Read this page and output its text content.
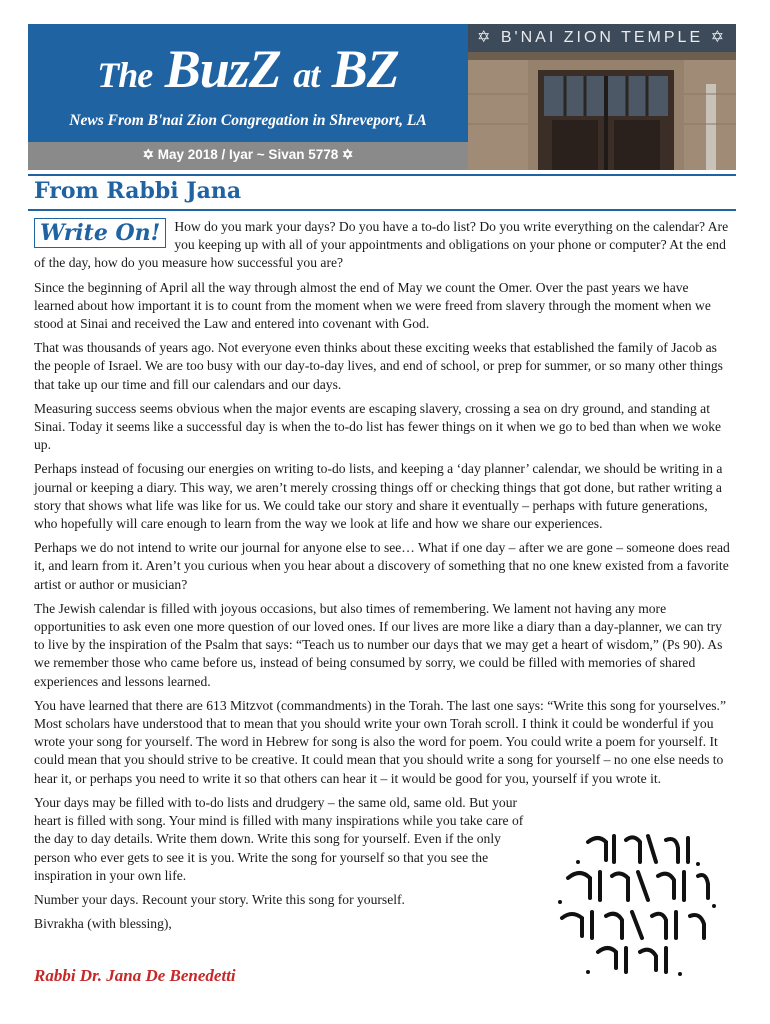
The BuzZ at BZ
News From B'nai Zion Congregation in Shreveport, LA
✡ May 2018 / Iyar ~ Sivan 5778 ✡
✡ B'NAI ZION TEMPLE ✡
From Rabbi Jana

Write On!	How do you mark your days? Do you have a to-do list? Do you write everything on the calendar? Are you keeping up with all of your appointments and obligations on your phone or computer? At the end of the day, how do you measure how successful you are?

Since the beginning of April all the way through almost the end of May we count the Omer. Over the past years we have learned about how important it is to count from the moment when we were freed from slavery through the moment when we stood at Sinai and received the Law and entered into covenant with God.

That was thousands of years ago. Not everyone even thinks about these exciting weeks that established the family of Jacob as the people of Israel. We are too busy with our day-to-day lives, and end of school, or prep for summer, or so many other things that take up our time and fill our calendars and our days.

Measuring success seems obvious when the major events are escaping slavery, crossing a sea on dry ground, and standing at Sinai. Today it seems like a successful day is when the to-do list has fewer things on it when we go to bed than when we woke up.

Perhaps instead of focusing our energies on writing to-do lists, and keeping a ‘day planner’ calendar, we should be writing in a journal or keeping a diary. This way, we aren’t merely crossing things off or checking things that got done, but rather writing a story that shows what life was like for us. We could take our story and share it eventually – perhaps with future generations, who hopefully will care enough to learn from the way we look at life and how we share our experiences.

Perhaps we do not intend to write our journal for anyone else to see… What if one day – after we are gone – someone does read it, and learn from it. Aren’t you curious when you hear about a discovery of something that no one knew existed from a favorite artist or author or musician?

The Jewish calendar is filled with joyous occasions, but also times of remembering. We lament not having any more opportunities to ask even one more question of our loved ones. If our lives are more like a diary than a day-planner, we can try to live by the inspiration of the Psalm that says: “Teach us to number our days that we may get a heart of wisdom,” (Ps 90). As we remember those who came before us, instead of being consumed by sorry, we could be filled with memories of shared experiences and lessons learned.

You have learned that there are 613 Mitzvot (commandments) in the Torah. The last one says: “Write this song for yourselves.” Most scholars have understood that to mean that you should write your own Torah scroll. I think it could be wonderful if you wrote your song for yourself. The word in Hebrew for song is also the word for poem. You could write a poem for yourself. It could mean that you should strive to be creative. It could mean that you should write a song for yourself – no one else needs to hear it, or perhaps you need to write it so that others can hear it – it would be good for you, yourself if you wrote it.

Your days may be filled with to-do lists and drudgery – the same old, same old. But your heart is filled with song. Your mind is filled with many inspirations while you take care of the day to day details. Write them down. Write this song for yourself. Even if the only person who ever gets to see it is you. Write the song for yourself so that you see the inspiration in your own life.

Number your days. Recount your story. Write this song for yourself.

Bivrakha (with blessing),

Rabbi Dr. Jana De Benedetti
